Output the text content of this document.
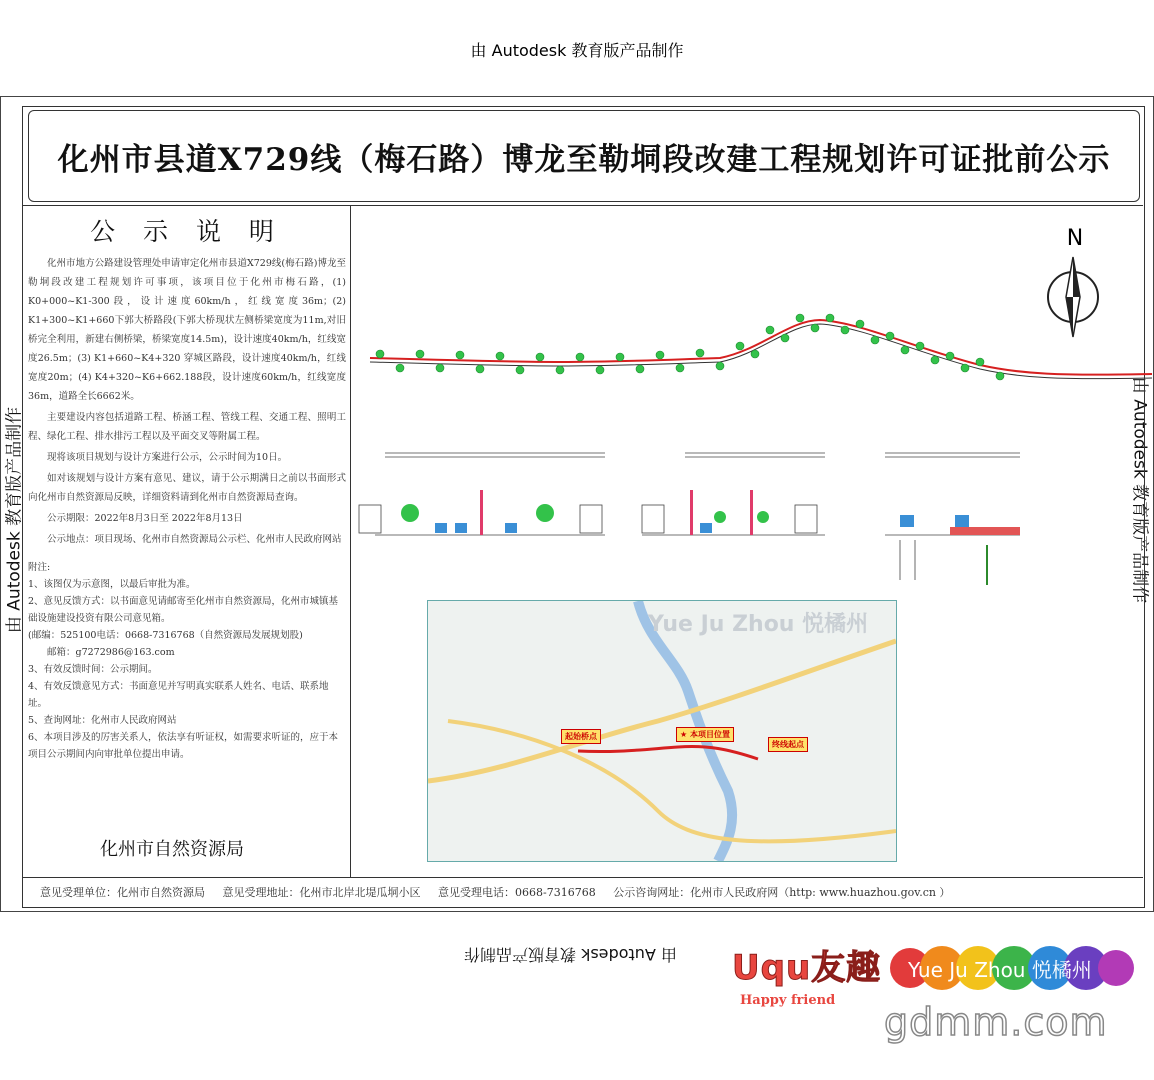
由 Autodesk 教育版产品制作
由 Autodesk 教育版产品制作	由 Autodesk 教育版产品制作
由 Autodesk 教育版产品制作
化州市县道X729线（梅石路）博龙至勒垌段改建工程规划许可证批前公示
公 示 说 明

化州市地方公路建设管理处申请审定化州市县道X729线(梅石路)博龙至勒垌段改建工程规划许可事项，该项目位于化州市梅石路，(1) K0+000~K1-300段，设计速度60km/h，红线宽度36m；(2) K1+300~K1+660下郭大桥路段(下郭大桥现状左侧桥梁宽度为11m,对旧桥完全利用，新建右侧桥梁，桥梁宽度14.5m)，设计速度40km/h，红线宽度26.5m；(3) K1+660~K4+320 穿城区路段，设计速度40km/h，红线宽度20m；(4) K4+320~K6+662.188段，设计速度60km/h，红线宽度36m，道路全长6662米。

主要建设内容包括道路工程、桥涵工程、管线工程、交通工程、照明工程、绿化工程、排水排污工程以及平面交叉等附属工程。

现将该项目规划与设计方案进行公示，公示时间为10日。

如对该规划与设计方案有意见、建议，请于公示期满日之前以书面形式向化州市自然资源局反映，详细资料请到化州市自然资源局查询。

公示期限：2022年8月3日至 2022年8月13日

公示地点：项目现场、化州市自然资源局公示栏、化州市人民政府网站

附注:
1、该图仅为示意图，以最后审批为准。
2、意见反馈方式：以书面意见请邮寄至化州市自然资源局，化州市城镇基础设施建设投资有限公司意见箱。
(邮编：525100电话：0668-7316768（自然资源局发展规划股)
邮箱：g7272986@163.com
3、有效反馈时间：公示期间。
4、有效反馈意见方式：书面意见并写明真实联系人姓名、电话、联系地址。
5、查询网址：化州市人民政府网站
6、本项目涉及的厉害关系人，依法享有听证权，如需要求听证的，应于本项目公示期间内向审批单位提出申请。
化州市自然资源局
意见受理单位：化州市自然资源局 意见受理地址：化州市北岸北堤瓜垌小区 意见受理电话：0668-7316768 公示咨询网址：化州市人民政府网（http: www.huazhou.gov.cn ）
N
Yue Ju Zhou 悦橘州
起始桥点	★ 本项目位置
终线起点
Uqu友趣
Happy friend
Yue Ju Zhou 悦橘州
gdmm.com
